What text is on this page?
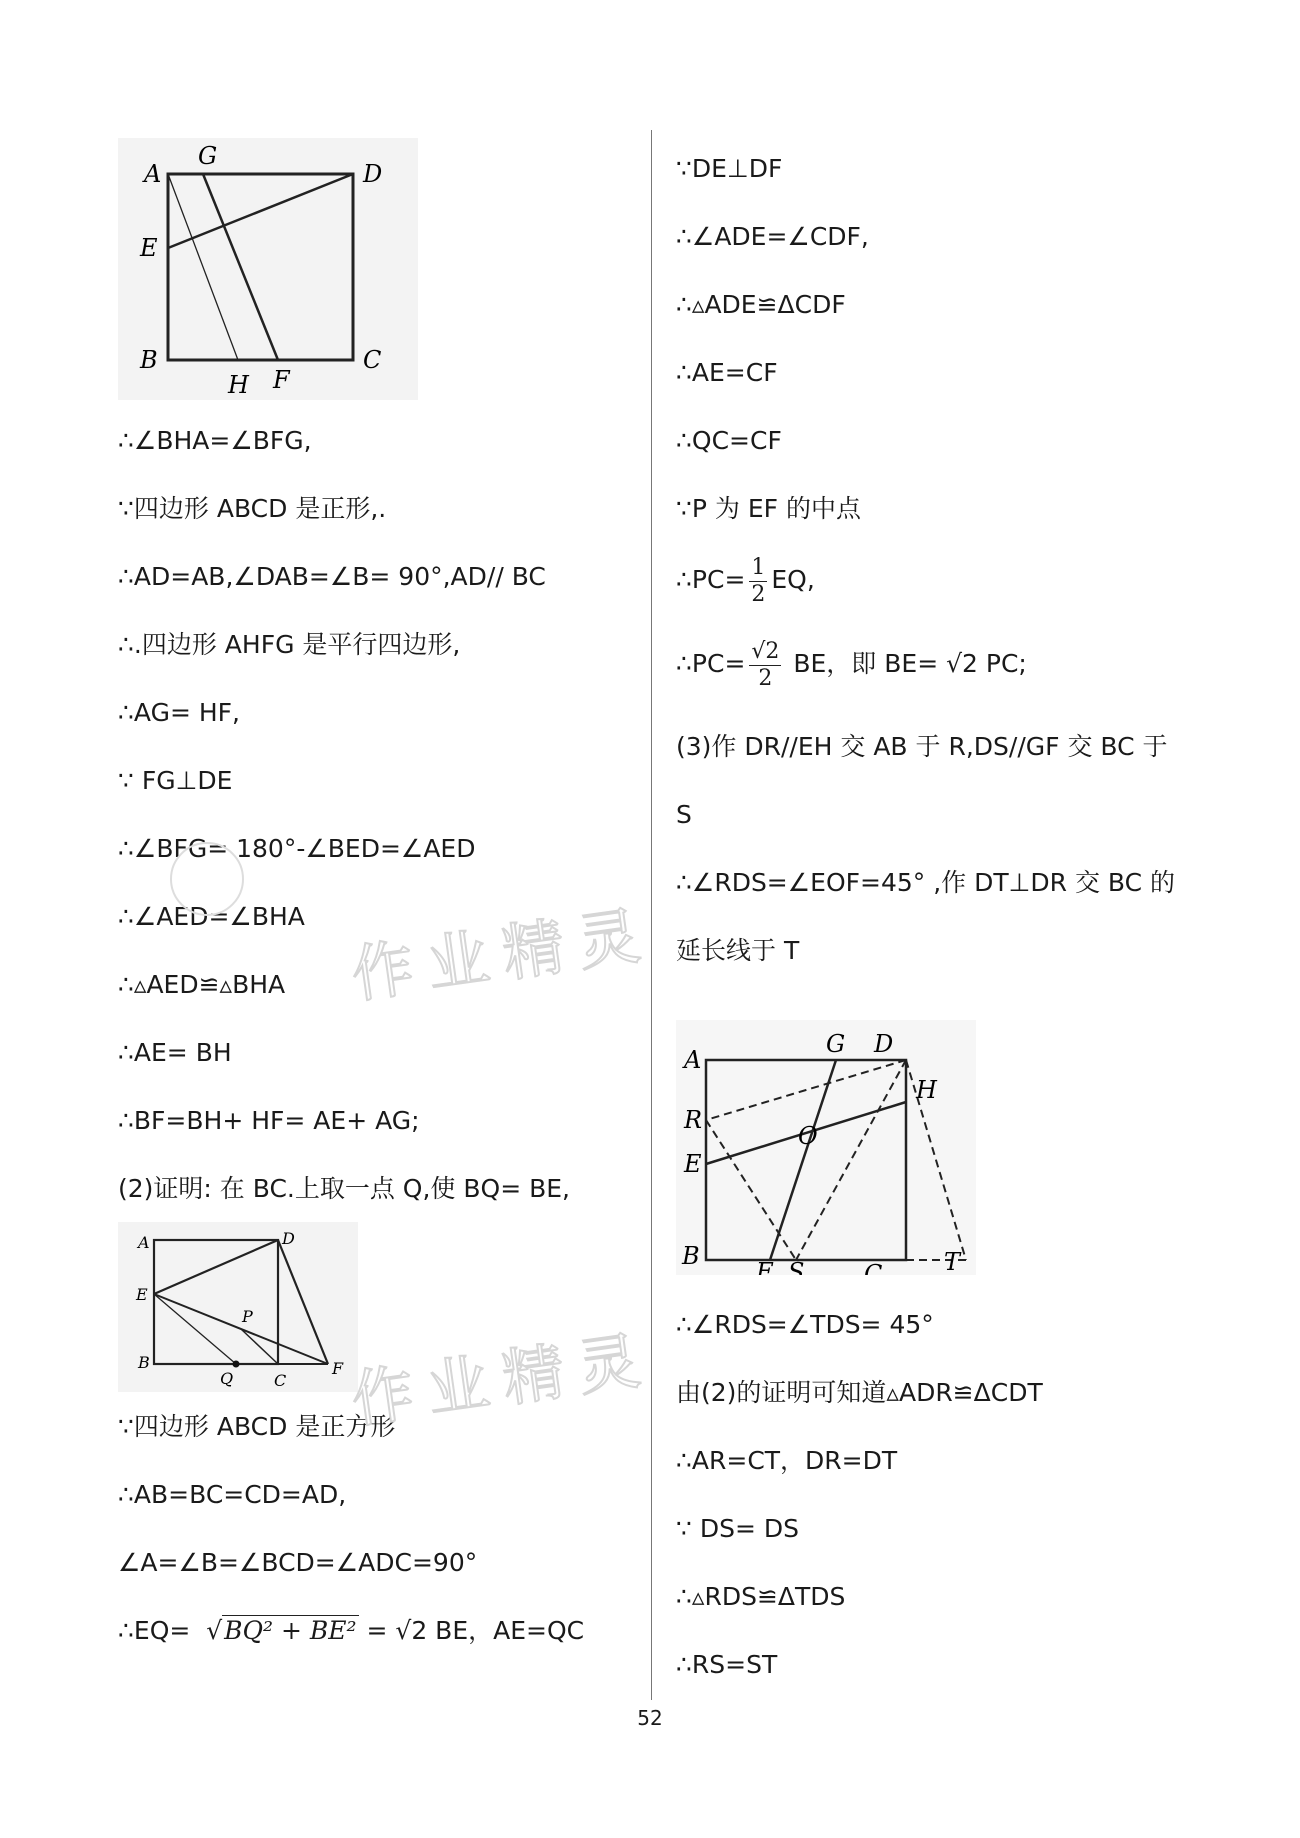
A
G
D
E
B
H F
C
∴∠BHA=∠BFG,
∵四边形 ABCD 是正形,.
∴AD=AB,∠DAB=∠B= 90°,AD// BC
∴.四边形 AHFG 是平行四边形,
∴AG= HF,
∵ FG⊥DE
∴∠BFG= 180°-∠BED=∠AED
∴∠AED=∠BHA
∴▵AED≌▵BHA
∴AE= BH
∴BF=BH+ HF= AE+ AG;
(2)证明: 在 BC.上取一点 Q,使 BQ= BE,
A	D
E
P
B
Q	C
F
∵四边形 ABCD 是正方形
∴AB=BC=CD=AD,
∠A=∠B=∠BCD=∠ADC=90°
∴EQ=  √BQ² + BE² = √2 BE，AE=QC
∵DE⊥DF
∴∠ADE=∠CDF,
∴▵ADE≌ΔCDF
∴AE=CF
∴QC=CF
∵P 为 EF 的中点
∴PC= $\frac{1}{2}$ EQ,
∴PC= $\frac{√2}{2}$ BE，即 BE= √2 PC;
(3)作 DR//EH 交 AB 于 R,DS//GF 交 BC 于
S
∴∠RDS=∠EOF=45° ,作 DT⊥DR 交 BC 的
延长线于 T
A
G D
H
R
O
E
B
F S C	T
∴∠RDS=∠TDS= 45°
由(2)的证明可知道▵ADR≌ΔCDT
∴AR=CT，DR=DT
∵ DS= DS
∴▵RDS≌ΔTDS
∴RS=ST
作业精灵
作业精灵
52
